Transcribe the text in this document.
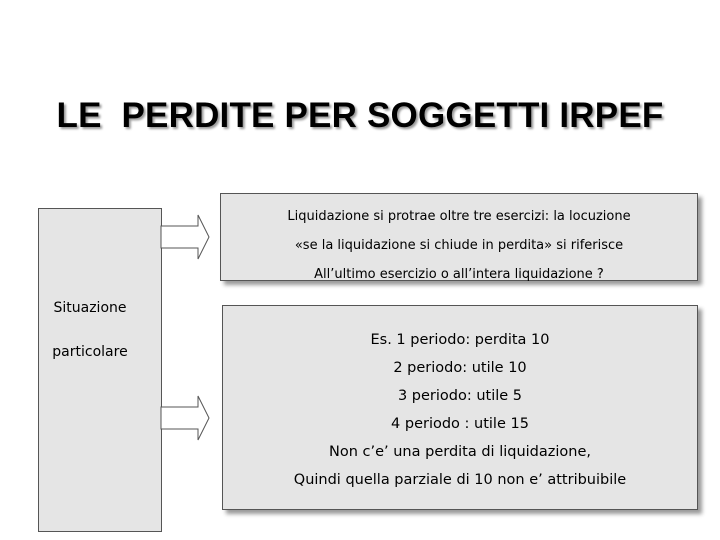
LE  PERDITE PER SOGGETTI IRPEF
Situazione
particolare
Liquidazione si protrae oltre tre esercizi: la locuzione
«se la liquidazione si chiude in perdita» si riferisce
All’ultimo esercizio o all’intera liquidazione ?
Es. 1 periodo: perdita 10
2 periodo: utile 10
3 periodo: utile 5
4 periodo : utile 15
Non c’e’ una perdita di liquidazione,
Quindi quella parziale di 10 non e’ attribuibile
